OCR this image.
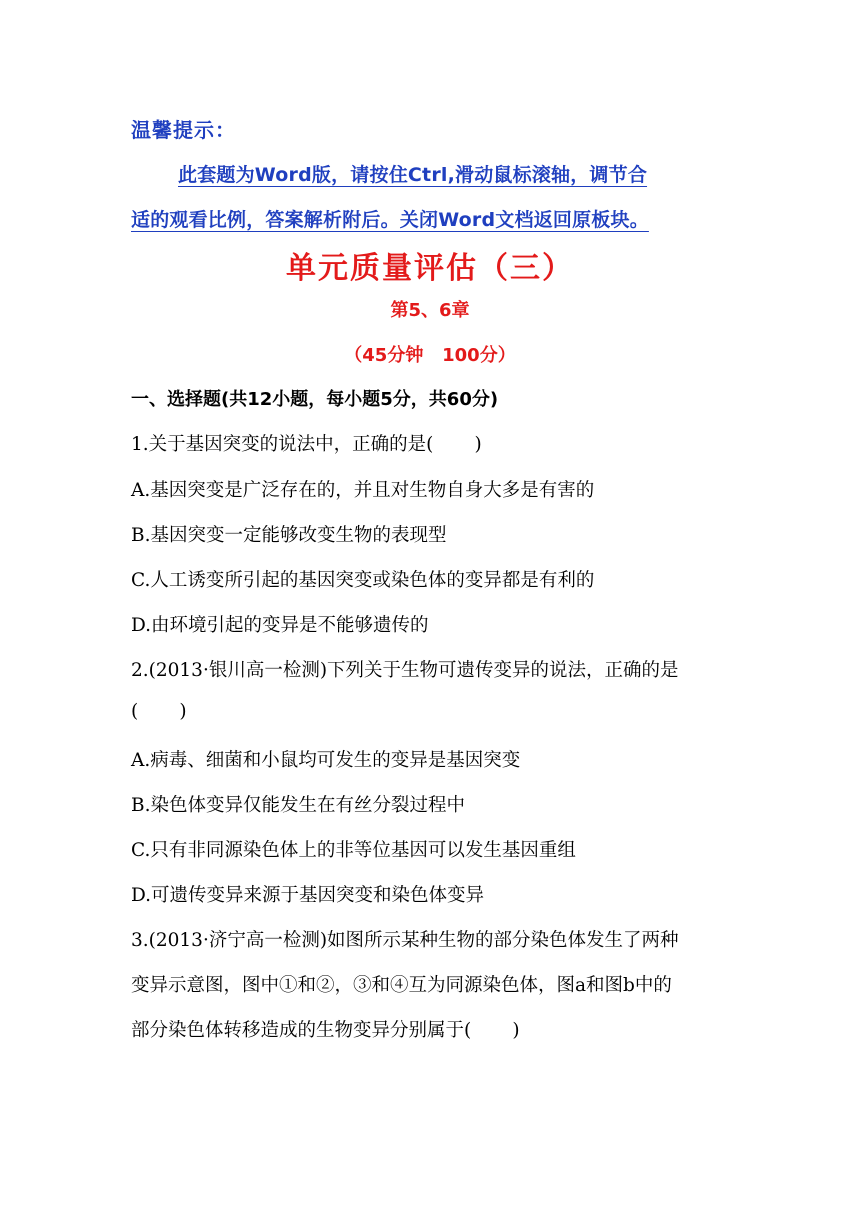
温馨提示：
此套题为Word版，请按住Ctrl,滑动鼠标滚轴，调节合
适的观看比例，答案解析附后。关闭Word文档返回原板块。
单元质量评估（三）
第5、6章
（45分钟   100分）
一、选择题(共12小题，每小题5分，共60分)
1.关于基因突变的说法中，正确的是(       )
A.基因突变是广泛存在的，并且对生物自身大多是有害的
B.基因突变一定能够改变生物的表现型
C.人工诱变所引起的基因突变或染色体的变异都是有利的
D.由环境引起的变异是不能够遗传的
2.(2013·银川高一检测)下列关于生物可遗传变异的说法，正确的是
(       )
A.病毒、细菌和小鼠均可发生的变异是基因突变
B.染色体变异仅能发生在有丝分裂过程中
C.只有非同源染色体上的非等位基因可以发生基因重组
D.可遗传变异来源于基因突变和染色体变异
3.(2013·济宁高一检测)如图所示某种生物的部分染色体发生了两种
变异示意图，图中①和②，③和④互为同源染色体，图a和图b中的
部分染色体转移造成的生物变异分别属于(       )
